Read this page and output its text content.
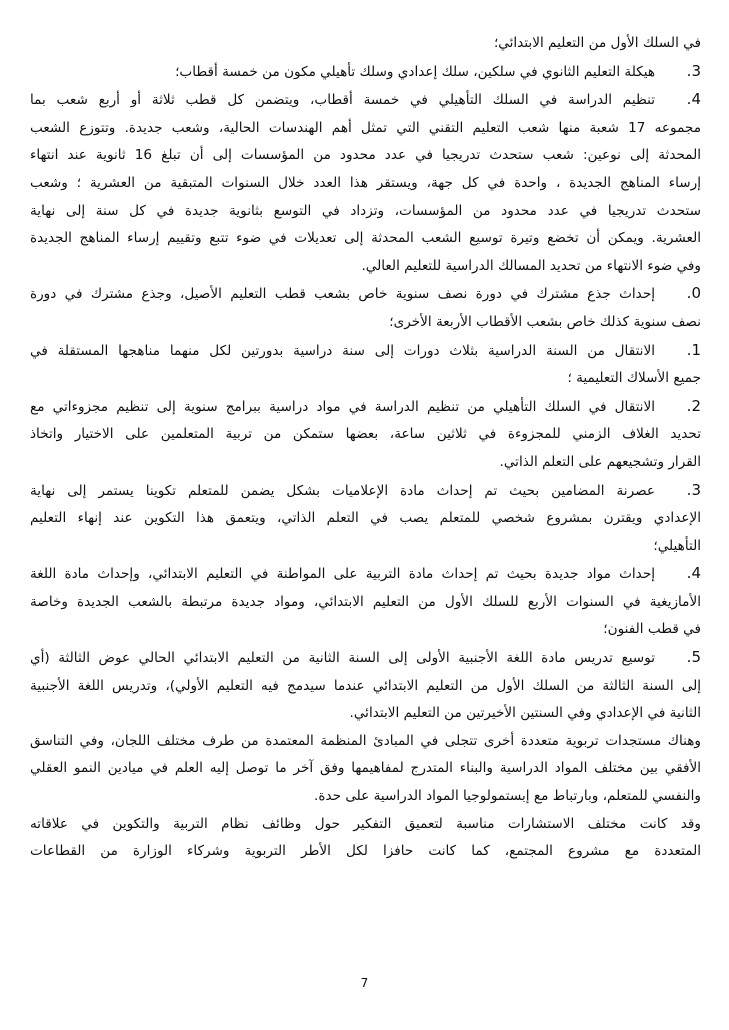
في السلك الأول من التعليم الابتدائي؛
3.هيكلة التعليم الثانوي في سلكين، سلك إعدادي وسلك تأهيلي مكون من خمسة أقطاب؛
4.تنظيم الدراسة في السلك التأهيلي في خمسة أقطاب، ويتضمن كل قطب ثلاثة أو أربع شعب بما
مجموعه 17 شعبة منها شعب التعليم التقني التي تمثل أهم الهندسات الحالية، وشعب جديدة. وتتوزع الشعب
المحدثة إلى نوعين: شعب ستحدث تدريجيا في عدد محدود من المؤسسات إلى أن تبلغ 16 ثانوية عند انتهاء
إرساء المناهج الجديدة ، واحدة في كل جهة، ويستقر هذا العدد خلال السنوات المتبقية من العشرية ؛ وشعب
ستحدث تدريجيا في عدد محدود من المؤسسات، وتزداد في التوسع بثانوية جديدة في كل سنة إلى نهاية
العشرية. ويمكن أن تخضع وتيرة توسيع الشعب المحدثة إلى تعديلات في ضوء تتبع وتقييم إرساء المناهج الجديدة
وفي ضوء الانتهاء من تحديد المسالك الدراسية للتعليم العالي.
0.إحداث جذع مشترك في دورة نصف سنوية خاص بشعب قطب التعليم الأصيل، وجذع مشترك في دورة
نصف سنوية كذلك خاص بشعب الأقطاب الأربعة الأخرى؛
1.الانتقال من السنة الدراسية بثلاث دورات إلى سنة دراسية بدورتين لكل منهما مناهجها المستقلة في
جميع الأسلاك التعليمية ؛
2.الانتقال في السلك التأهيلي من تنظيم الدراسة في مواد دراسية ببرامج سنوية إلى تنظيم مجزوءاتي مع
تحديد الغلاف الزمني للمجزوءة في ثلاثين ساعة، بعضها ستمكن من تربية المتعلمين على الاختيار واتخاذ
القرار وتشجيعهم على التعلم الذاتي.
3.عصرنة المضامين بحيث تم إحداث مادة الإعلاميات بشكل يضمن للمتعلم تكوينا يستمر إلى نهاية
الإعدادي ويقترن بمشروع شخصي للمتعلم يصب في التعلم الذاتي، ويتعمق هذا التكوين عند إنهاء التعليم
التأهيلي؛
4.إحداث مواد جديدة بحيث تم إحداث مادة التربية على المواطنة في التعليم الابتدائي، وإحداث مادة اللغة
الأمازيغية في السنوات الأربع للسلك الأول من التعليم الابتدائي، ومواد جديدة مرتبطة بالشعب الجديدة وخاصة
في قطب الفنون؛
5.توسيع تدريس مادة اللغة الأجنبية الأولى إلى السنة الثانية من التعليم الابتدائي الحالي عوض الثالثة (أي
إلى السنة الثالثة من السلك الأول من التعليم الابتدائي عندما سيدمج فيه التعليم الأولي)، وتدريس اللغة الأجنبية
الثانية في الإعدادي وفي السنتين الأخيرتين من التعليم الابتدائي.
وهناك مستجدات تربوية متعددة أخرى تتجلى في المبادئ المنظمة المعتمدة من طرف مختلف اللجان، وفي التناسق
الأفقي بين مختلف المواد الدراسية والبناء المتدرج لمفاهيمها وفق آخر ما توصل إليه العلم في ميادين النمو العقلي
والنفسي للمتعلم، وبارتباط مع إبستمولوجيا المواد الدراسية على حدة.
وقد كانت مختلف الاستشارات مناسبة لتعميق التفكير حول وظائف نظام التربية والتكوين في علاقاته
المتعددة مع مشروع المجتمع، كما كانت حافزا لكل الأطر التربوية وشركاء الوزارة من القطاعات
7
